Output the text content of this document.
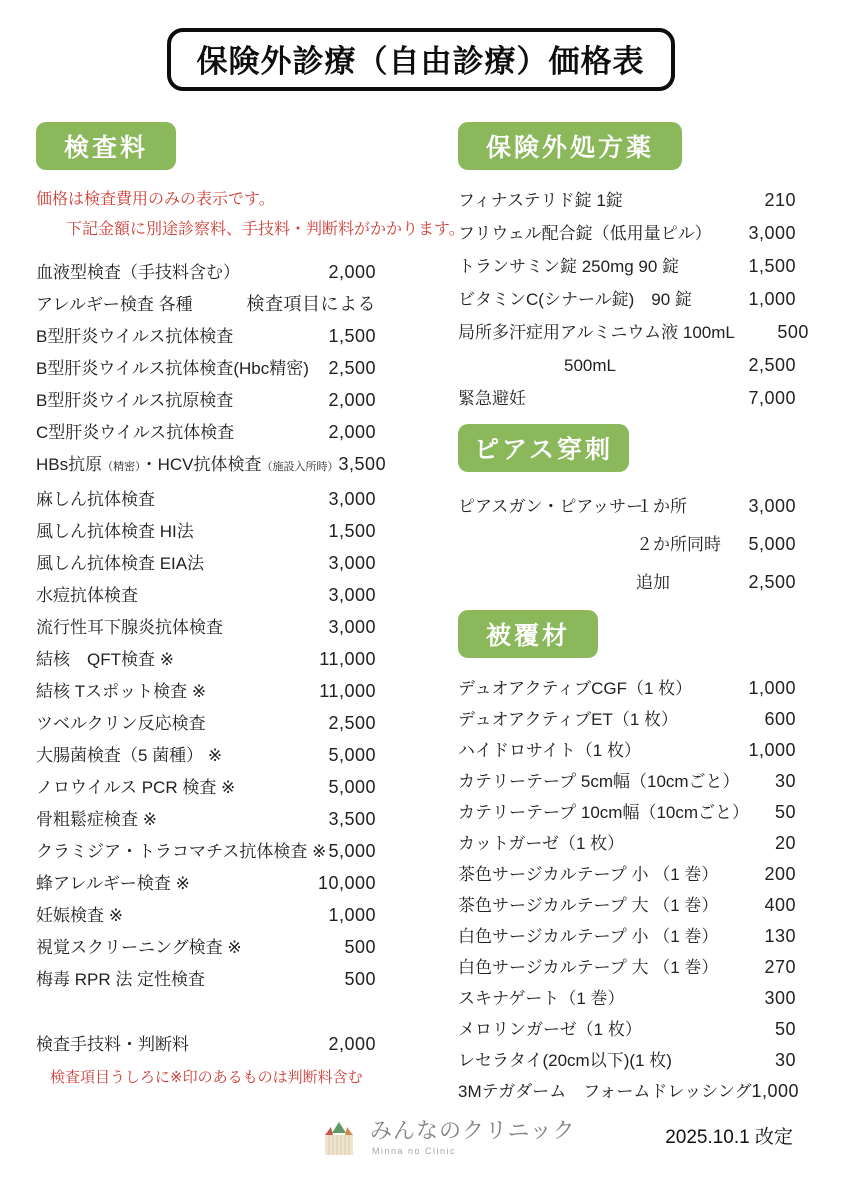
保険外診療（自由診療）価格表
検査料
価格は検査費用のみの表示です。
下記金額に別途診察料、手技料・判断料がかかります。
血液型検査（手技料含む）	2,000
アレルギー検査 各種	検査項目による
B型肝炎ウイルス抗体検査	1,500
B型肝炎ウイルス抗体検査(Hbc精密) 2,500
B型肝炎ウイルス抗原検査	2,000
C型肝炎ウイルス抗体検査	2,000
HBs抗原（精密）・HCV抗体検査（施設入所時） 3,500
麻しん抗体検査	3,000
風しん抗体検査 HI法	1,500
風しん抗体検査 EIA法	3,000
水痘抗体検査	3,000
流行性耳下腺炎抗体検査	3,000
結核　QFT検査 ※	11,000
結核 Tスポット検査 ※	11,000
ツベルクリン反応検査	2,500
大腸菌検査（5 菌種） ※	5,000
ノロウイルス PCR 検査 ※	5,000
骨粗鬆症検査 ※	3,500
クラミジア・トラコマチス抗体検査 ※ 5,000
蜂アレルギー検査 ※	10,000
妊娠検査 ※	1,000
視覚スクリーニング検査 ※	500
梅毒 RPR 法 定性検査	500
検査手技料・判断料	2,000
検査項目うしろに※印のあるものは判断料含む
保険外処方薬
フィナステリド錠 1錠	210
フリウェル配合錠（低用量ピル）	3,000
トランサミン錠 250mg 90 錠	1,500
ビタミンC(シナール錠)　90 錠	1,000
局所多汗症用アルミニウム液 100mL	500
500mL	2,500
緊急避妊	7,000
ピアス穿刺
ピアスガン・ピアッサー
１か所	3,000
２か所同時	5,000
追加	2,500
被覆材
デュオアクティブCGF（1 枚）	1,000
デュオアクティブET（1 枚）	600
ハイドロサイト（1 枚）	1,000
カテリーテープ 5cm幅（10cmごと） 30
カテリーテープ 10cm幅（10cmごと） 50
カットガーゼ（1 枚）	20
茶色サージカルテープ 小 （1 巻）	200
茶色サージカルテープ 大 （1 巻）	400
白色サージカルテープ 小 （1 巻）	130
白色サージカルテープ 大 （1 巻）	270
スキナゲート（1 巻）	300
メロリンガーゼ（1 枚）	50
レセラタイ(20cm以下)(1 枚)	30
3Mテガダーム　フォームドレッシング 1,000
みんなのクリニック
Minna no Clinic
2025.10.1 改定
